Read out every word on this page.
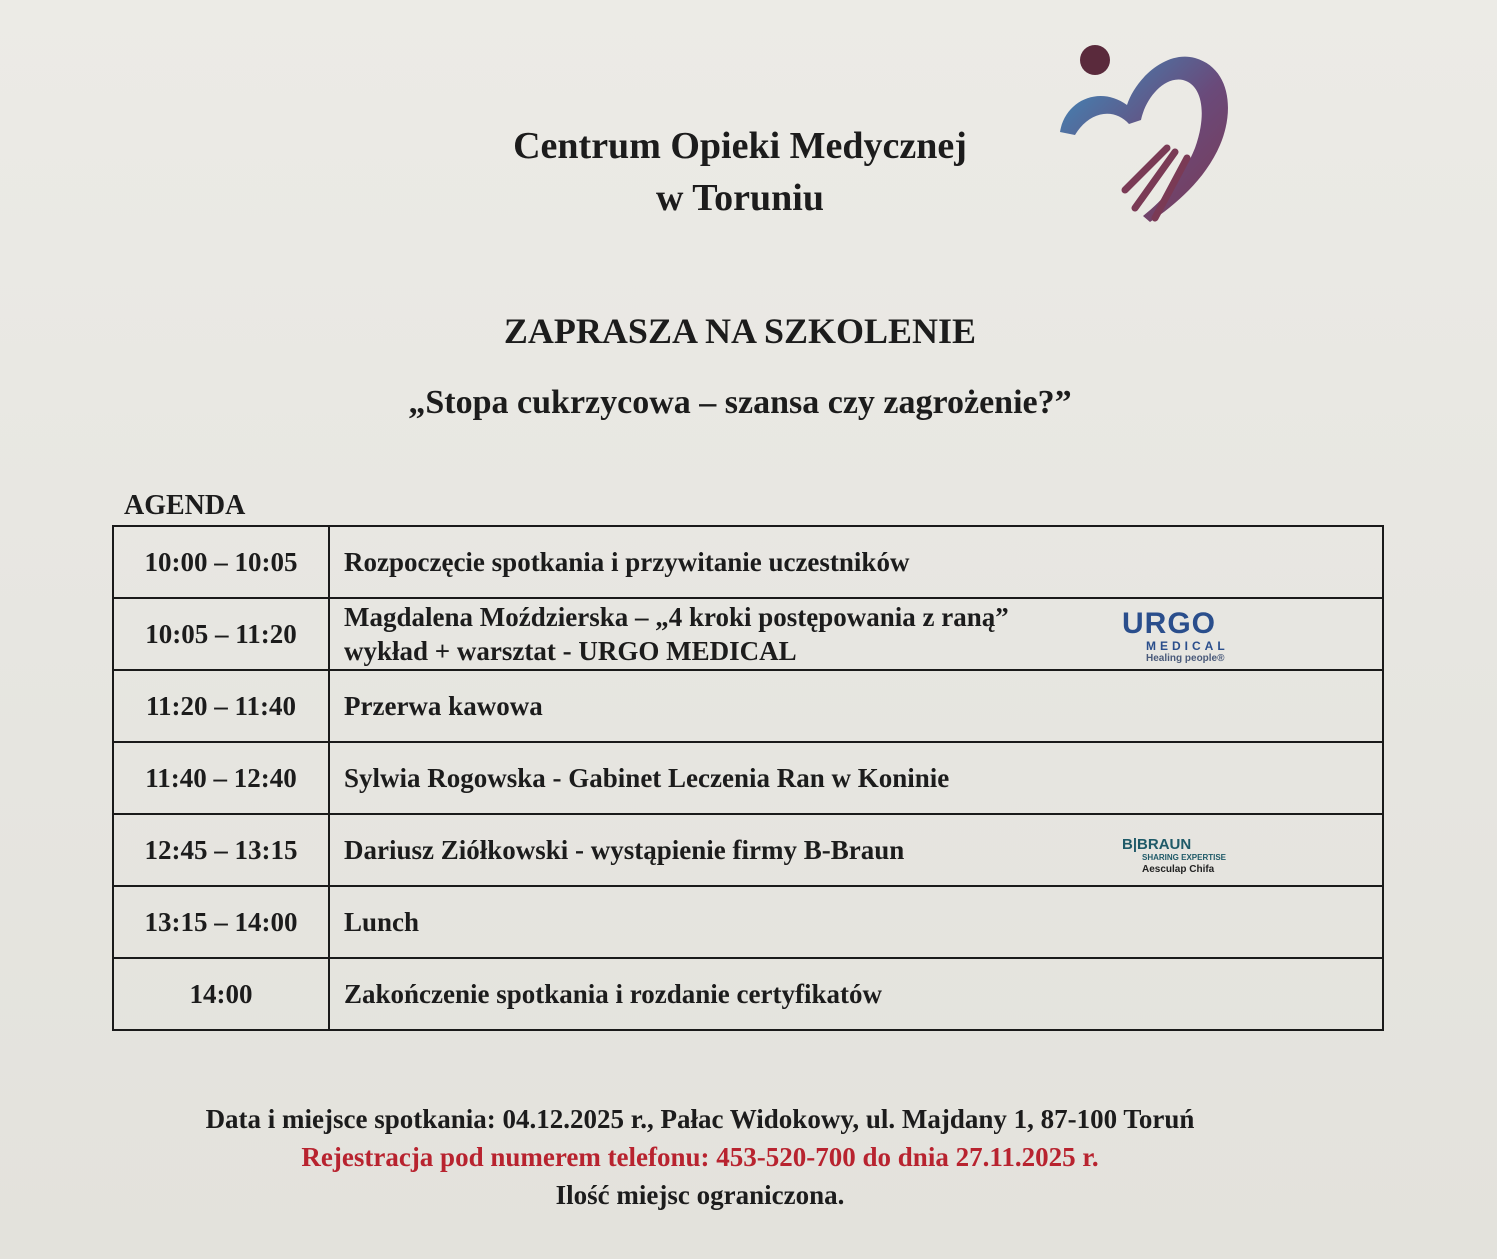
Centrum Opieki Medycznej
w Toruniu
ZAPRASZA NA SZKOLENIE
„Stopa cukrzycowa – szansa czy zagrożenie?”
AGENDA
10:00 – 10:05	Rozpoczęcie spotkania i przywitanie uczestników
10:05 – 11:20	Magdalena Moździerska – „4 kroki postępowania z raną”
wykład + warsztat - URGO MEDICAL
URGO
MEDICAL
Healing people®

11:20 – 11:40	Przerwa kawowa
11:40 – 12:40	Sylwia Rogowska - Gabinet Leczenia Ran w Koninie
12:45 – 13:15	Dariusz Ziółkowski - wystąpienie firmy B-Braun B|BRAUN
SHARING EXPERTISE
Aesculap Chifa

13:15 – 14:00	Lunch
14:00	Zakończenie spotkania i rozdanie certyfikatów
Data i miejsce spotkania: 04.12.2025 r., Pałac Widokowy, ul. Majdany 1, 87-100 Toruń
Rejestracja pod numerem telefonu: 453-520-700 do dnia 27.11.2025 r.
Ilość miejsc ograniczona.
